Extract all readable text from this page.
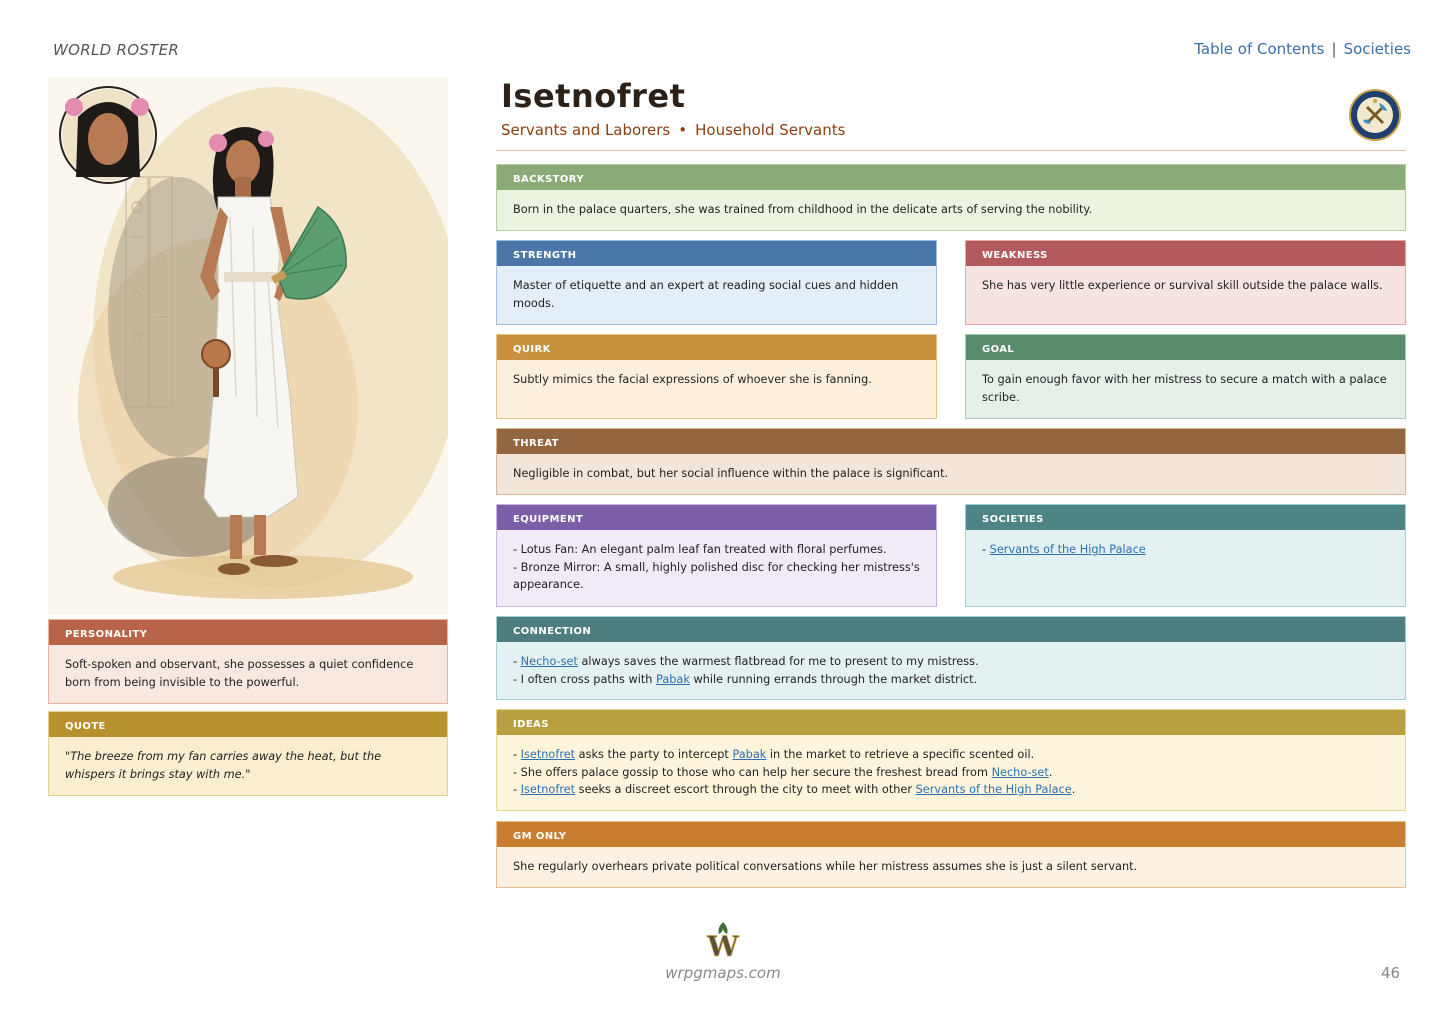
WORLD ROSTER	Table of Contents | Societies
PERSONALITY
Soft-spoken and observant, she possesses a quiet confidence born from being invisible to the powerful.
QUOTE
"The breeze from my fan carries away the heat, but the whispers it brings stay with me."
Isetnofret
Servants and Laborers • Household Servants
BACKSTORY
Born in the palace quarters, she was trained from childhood in the delicate arts of serving the nobility.
STRENGTH
Master of etiquette and an expert at reading social cues and hidden moods.
WEAKNESS
She has very little experience or survival skill outside the palace walls.
QUIRK
Subtly mimics the facial expressions of whoever she is fanning.
GOAL
To gain enough favor with her mistress to secure a match with a palace scribe.
THREAT
Negligible in combat, but her social influence within the palace is significant.
EQUIPMENT
- Lotus Fan: An elegant palm leaf fan treated with floral perfumes.
- Bronze Mirror: A small, highly polished disc for checking her mistress's appearance.
SOCIETIES
- Servants of the High Palace
CONNECTION
- Necho-set always saves the warmest flatbread for me to present to my mistress.
- I often cross paths with Pabak while running errands through the market district.
IDEAS
- Isetnofret asks the party to intercept Pabak in the market to retrieve a specific scented oil.
- She offers palace gossip to those who can help her secure the freshest bread from Necho-set.
- Isetnofret seeks a discreet escort through the city to meet with other Servants of the High Palace.
GM ONLY
She regularly overhears private political conversations while her mistress assumes she is just a silent servant.
W
wrpgmaps.com	46
